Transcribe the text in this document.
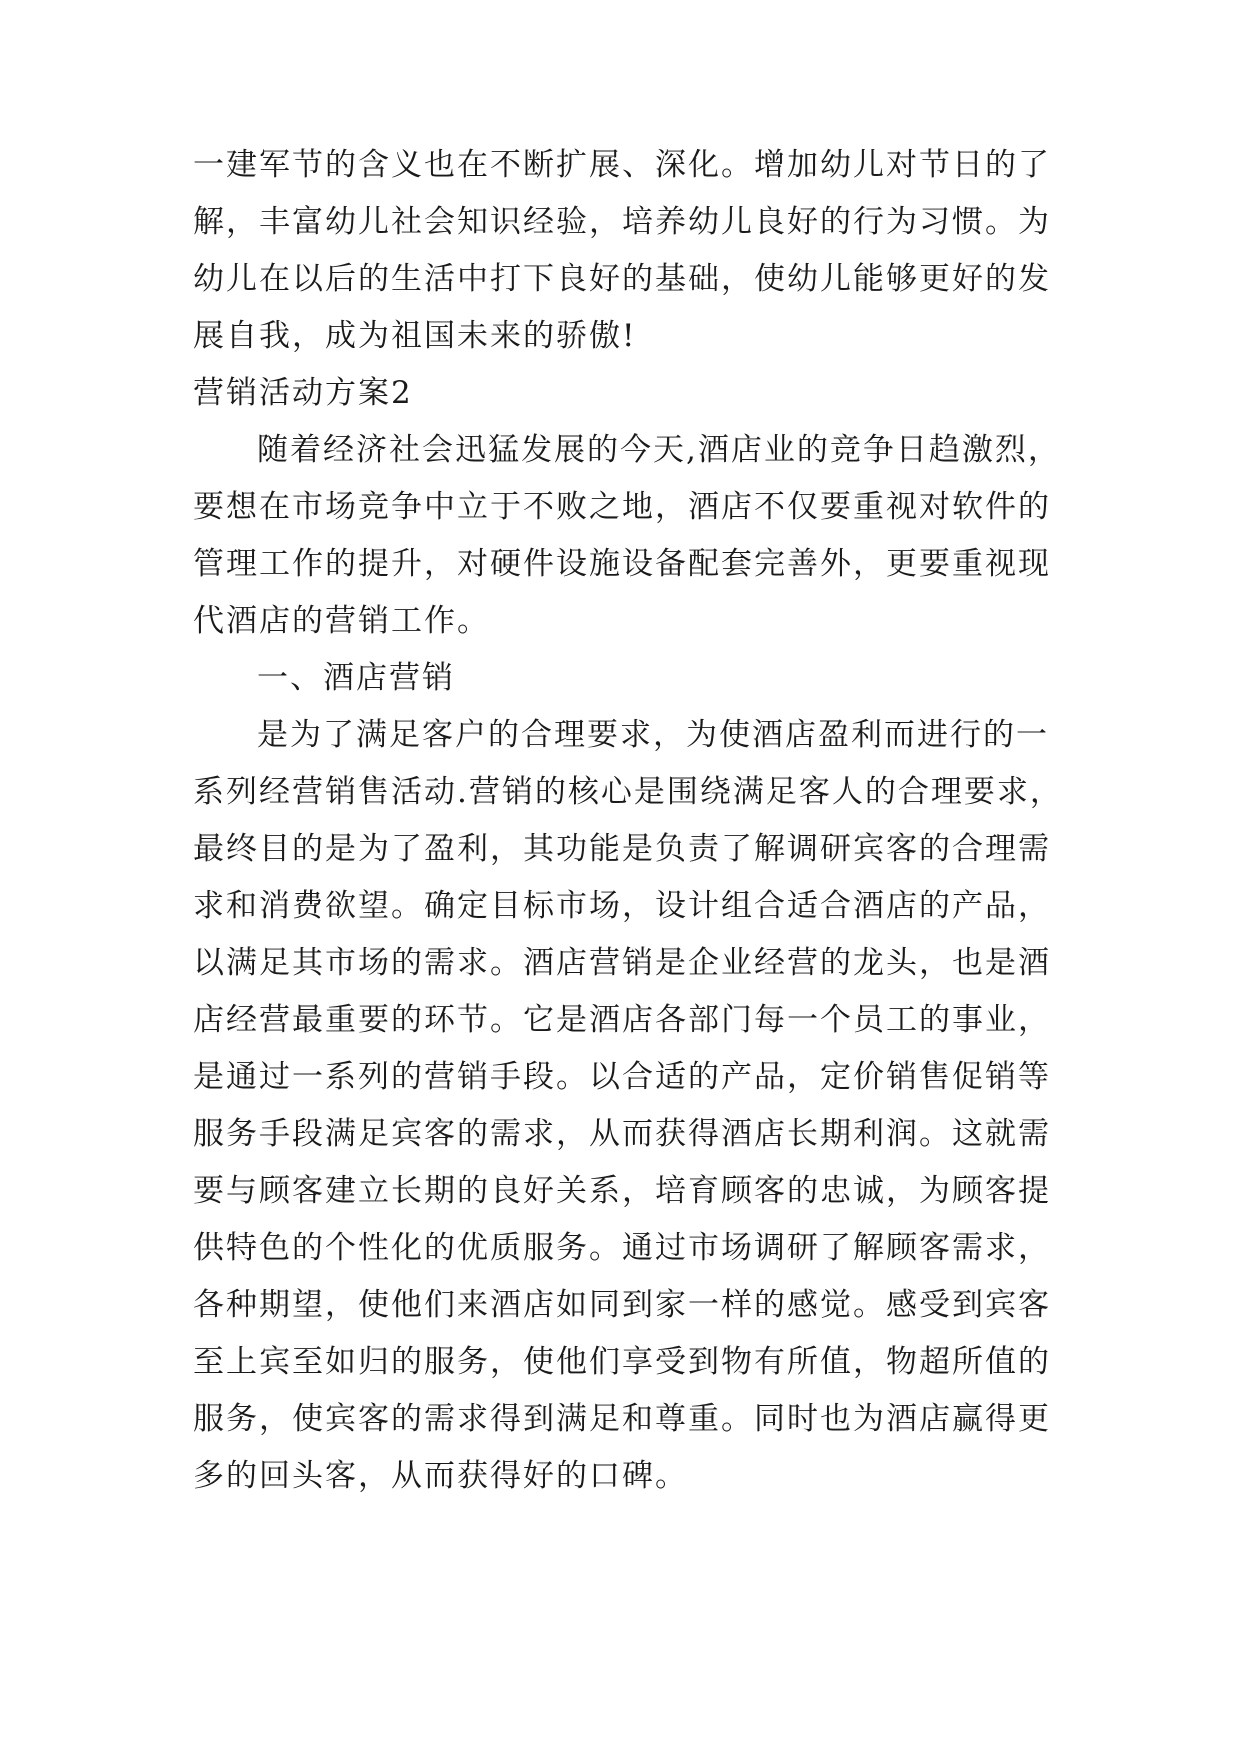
一建军节的含义也在不断扩展、深化。增加幼儿对节日的了
解，丰富幼儿社会知识经验，培养幼儿良好的行为习惯。为
幼儿在以后的生活中打下良好的基础，使幼儿能够更好的发
展自我，成为祖国未来的骄傲!
营销活动方案2
随着经济社会迅猛发展的今天,酒店业的竞争日趋激烈，
要想在市场竞争中立于不败之地，酒店不仅要重视对软件的
管理工作的提升，对硬件设施设备配套完善外，更要重视现
代酒店的营销工作。
一、酒店营销
是为了满足客户的合理要求，为使酒店盈利而进行的一
系列经营销售活动.营销的核心是围绕满足客人的合理要求，
最终目的是为了盈利，其功能是负责了解调研宾客的合理需
求和消费欲望。确定目标市场，设计组合适合酒店的产品，
以满足其市场的需求。酒店营销是企业经营的龙头，也是酒
店经营最重要的环节。它是酒店各部门每一个员工的事业，
是通过一系列的营销手段。以合适的产品，定价销售促销等
服务手段满足宾客的需求，从而获得酒店长期利润。这就需
要与顾客建立长期的良好关系，培育顾客的忠诚，为顾客提
供特色的个性化的优质服务。通过市场调研了解顾客需求，
各种期望，使他们来酒店如同到家一样的感觉。感受到宾客
至上宾至如归的服务，使他们享受到物有所值，物超所值的
服务，使宾客的需求得到满足和尊重。同时也为酒店赢得更
多的回头客，从而获得好的口碑。
